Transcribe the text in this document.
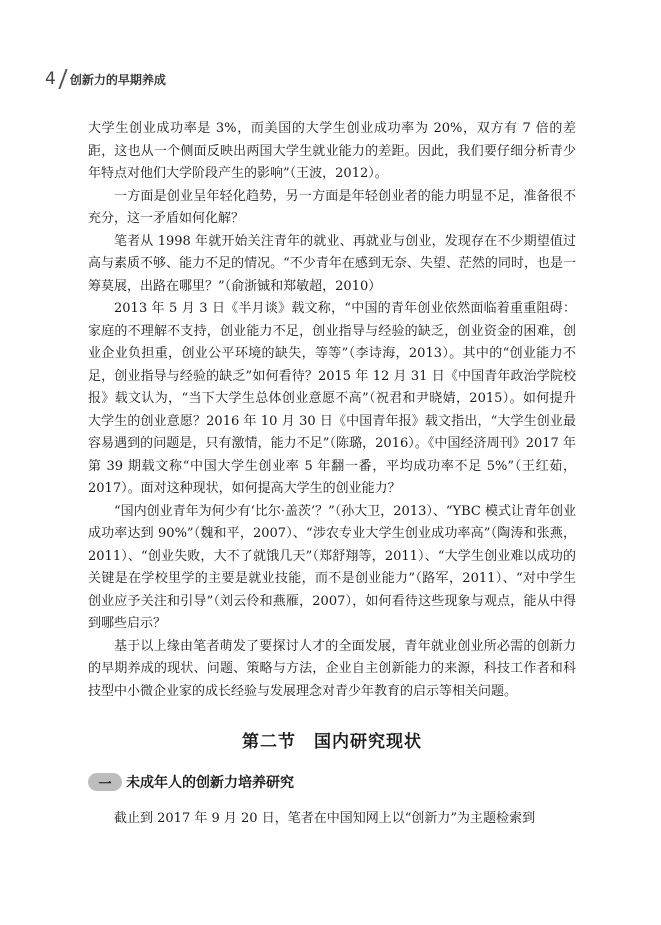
4 创新力的早期养成

大学生创业成功率是 3%，而美国的大学生创业成功率为 20%，双方有 7 倍的差距，这也从一个侧面反映出两国大学生就业能力的差距。因此，我们要仔细分析青少年特点对他们大学阶段产生的影响”（王波，2012）。

一方面是创业呈年轻化趋势，另一方面是年轻创业者的能力明显不足，准备很不充分，这一矛盾如何化解？

笔者从 1998 年就开始关注青年的就业、再就业与创业，发现存在不少期望值过高与素质不够、能力不足的情况。“不少青年在感到无奈、失望、茫然的同时，也是一筹莫展，出路在哪里？”（俞浙铖和郑敏超，2010）

2013 年 5 月 3 日《半月谈》载文称，“中国的青年创业依然面临着重重阻碍：家庭的不理解不支持，创业能力不足，创业指导与经验的缺乏，创业资金的困难，创业企业负担重，创业公平环境的缺失，等等”（李诗海，2013）。其中的“创业能力不足，创业指导与经验的缺乏”如何看待？2015 年 12 月 31 日《中国青年政治学院校报》载文认为，“当下大学生总体创业意愿不高”（祝君和尹晓婧，2015）。如何提升大学生的创业意愿？2016 年 10 月 30 日《中国青年报》载文指出，“大学生创业最容易遇到的问题是，只有激情，能力不足”（陈璐，2016）。《中国经济周刊》2017 年第 39 期载文称“中国大学生创业率 5 年翻一番，平均成功率不足 5%”（王红茹，2017）。面对这种现状，如何提高大学生的创业能力？

“国内创业青年为何少有‘比尔·盖茨’？”（孙大卫，2013）、“YBC 模式让青年创业成功率达到 90%”（魏和平，2007）、“涉农专业大学生创业成功率高”（陶涛和张燕，2011）、“创业失败，大不了就饿几天”（郑舒翔等，2011）、“大学生创业难以成功的关键是在学校里学的主要是就业技能，而不是创业能力”（路军，2011）、“对中学生创业应予关注和引导”（刘云伶和燕雁，2007），如何看待这些现象与观点，能从中得到哪些启示？

基于以上缘由笔者萌发了要探讨人才的全面发展，青年就业创业所必需的创新力的早期养成的现状、问题、策略与方法，企业自主创新能力的来源，科技工作者和科技型中小微企业家的成长经验与发展理念对青少年教育的启示等相关问题。

第二节　国内研究现状
一	未成年人的创新力培养研究

截止到 2017 年 9 月 20 日，笔者在中国知网上以“创新力”为主题检索到
